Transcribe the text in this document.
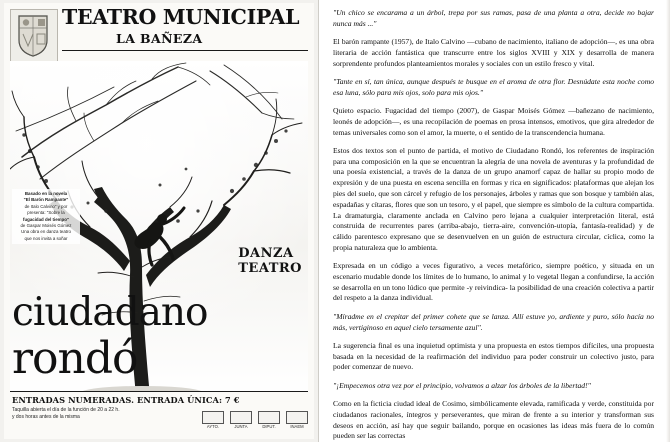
TEATRO MUNICIPAL
LA BAÑEZA
Basado en la novela
"El Barón Rampante"
de Italo Calvino" y por
presenta: "Sobre la
fugacidad del tiempo"
de Gaspar Moisés Gómez
Una obra en danza teatro
que nos invita a soñar
DANZA
TEATRO
ciudadano
rondó
ENTRADAS NUMERADAS. ENTRADA ÚNICA: 7 €
Taquilla abierta el día de la función de 20 a 22 h.
y dos horas antes de la misma
AYTO.	JUNTA	DIPUT.	INAEM

"Un chico se encarama a un árbol, trepa por sus ramas, pasa de una planta a otra, decide no bajar nunca más ..."

El barón rampante (1957), de Italo Calvino —cubano de nacimiento, italiano de adopción—, es una obra literaria de acción fantástica que transcurre entre los siglos XVIII y XIX y desarrolla de manera sorprendente profundos planteamientos morales y sociales con un estilo fresco y vital.

"Tante en sí, tan única, aunque después te busque en el aroma de otra flor. Desnúdate esta noche como esa luna, sólo para mis ojos, solo para mis ojos."

Quieto espacio. Fugacidad del tiempo (2007), de Gaspar Moisés Gómez —bañezano de nacimiento, leonés de adopción—, es una recopilación de poemas en prosa intensos, emotivos, que gira alrededor de temas universales como son el amor, la muerte, o el sentido de la transcendencia humana.

Estos dos textos son el punto de partida, el motivo de Ciudadano Rondó, los referentes de inspiración para una composición en la que se encuentran la alegría de una novela de aventuras y la profundidad de una poesía existencial, a través de la danza de un grupo anamorf capaz de hallar su propio modo de expresión y de una puesta en escena sencilla en formas y rica en significados: plataformas que alejan los pies del suelo, que son cárcel y refugio de los personajes, árboles y ramas que son bosque y también alas, espadañas y cítaras, flores que son un tesoro, y el papel, que siempre es símbolo de la cultura compartida. La dramaturgia, claramente anclada en Calvino pero lejana a cualquier interpretación literal, está construida de recurrentes pares (arriba-abajo, tierra-aire, convención-utopía, fantasía-realidad) y de cálido parentesco expresano que se desenvuelven en un guión de estructura circular, cíclica, como la propia naturaleza que lo ambienta.

Expresada en un código a veces figurativo, a veces metafórico, siempre poético, y situada en un escenario mudable donde los límites de lo humano, lo animal y lo vegetal llegan a confundirse, la acción se desarrolla en un tono lúdico que permite -y reivindica- la posibilidad de una creación colectiva a partir del respeto a la danza individual.

"Míradme en el crepitar del primer cohete que se lanza. Allí estuve yo, ardiente y puro, sólo hacía no más, vertiginoso en aquel cielo tersamente azul".

La sugerencia final es una inquietud optimista y una propuesta en estos tiempos difíciles, una propuesta basada en la necesidad de la reafirmación del individuo para poder construir un colectivo justo, para poder comenzar de nuevo.

"¡Empecemos otra vez por el principio, volvamos a alzar los árboles de la libertad!"

Como en la ficticia ciudad ideal de Cosimo, simbólicamente elevada, ramificada y verde, constituida por ciudadanos racionales, íntegros y perseverantes, que miran de frente a su interior y transforman sus deseos en acción, así hay que seguir bailando, porque en ocasiones las ideas más fuera de lo común pueden ser las correctas
